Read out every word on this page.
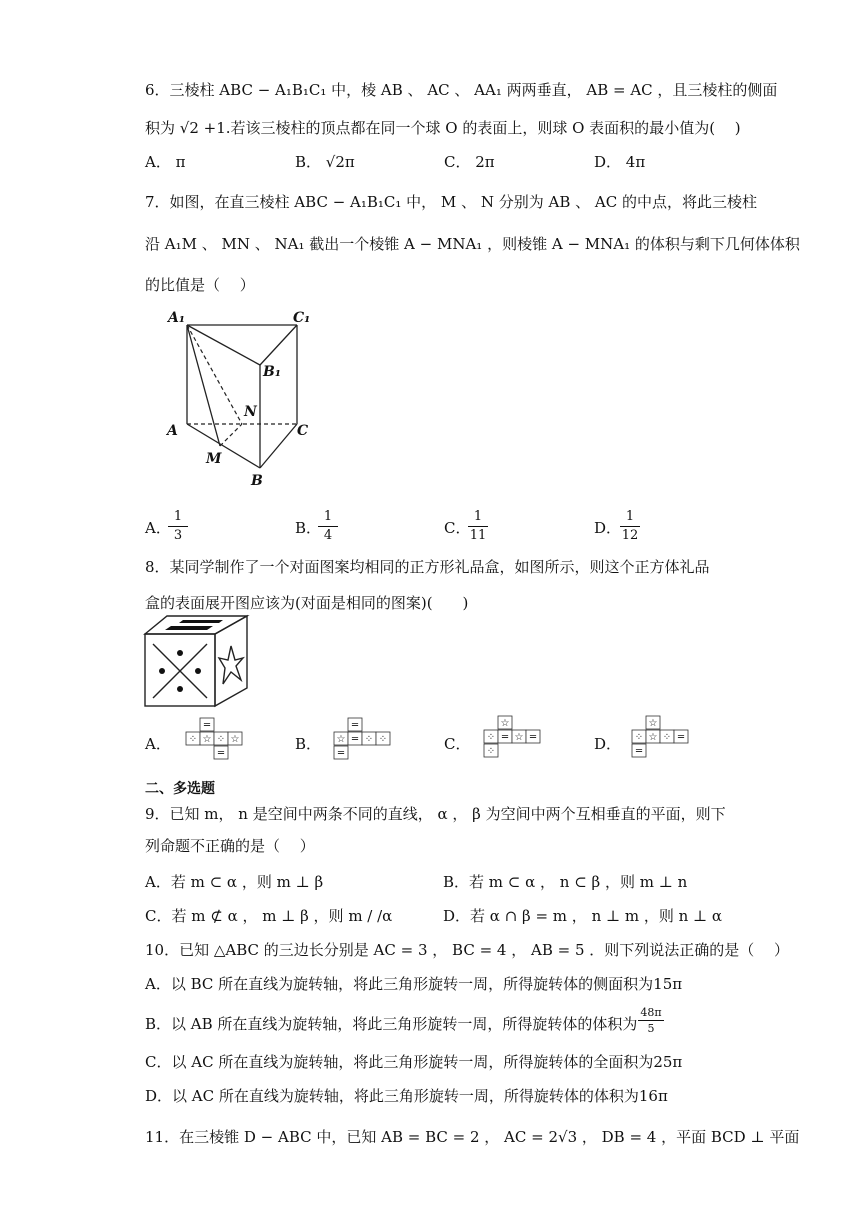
6．三棱柱 ABC − A₁B₁C₁ 中，棱 AB 、 AC 、 AA₁ 两两垂直， AB = AC ，且三棱柱的侧面
积为 √2 +1.若该三棱柱的顶点都在同一个球 O 的表面上，则球 O 表面积的最小值为(　 )
A． π	B． √2π	C． 2π	D． 4π
7．如图，在直三棱柱 ABC − A₁B₁C₁ 中， M 、 N 分别为 AB 、 AC 的中点，将此三棱柱
沿 A₁M 、 MN 、 NA₁ 截出一个棱锥 A − MNA₁ ，则棱锥 A − MNA₁ 的体积与剩下几何体体积
的比值是（　 ）
A₁	C₁
B₁
N
A	C
M
B
A．
1
3	B．
1
4	C．
1
11	D．
1
12
8．某同学制作了一个对面图案均相同的正方形礼品盒，如图所示，则这个正方体礼品
盒的表面展开图应该为(对面是相同的图案)(　　)
A．
═
⁘ ☆ ⁘ ☆
═
B．
═
☆ ═ ⁘ ⁘
═
C．
☆
⁘ ═ ☆ ═
⁘	D．
☆
⁘ ☆ ⁘ ═
═
二、多选题
9．已知 m， n 是空间中两条不同的直线， α ， β 为空间中两个互相垂直的平面，则下
列命题不正确的是（　 ）
A．若 m ⊂ α ，则 m ⊥ β	B．若 m ⊂ α ， n ⊂ β ，则 m ⊥ n
C．若 m ⊄ α ， m ⊥ β ，则 m / /α	D．若 α ∩ β = m ， n ⊥ m ，则 n ⊥ α
10．已知 △ABC 的三边长分别是 AC = 3 ， BC = 4 ， AB = 5 ．则下列说法正确的是（　 ）
A．以 BC 所在直线为旋转轴，将此三角形旋转一周，所得旋转体的侧面积为15π
B．以 AB 所在直线为旋转轴，将此三角形旋转一周，所得旋转体的体积为
48π
5
C．以 AC 所在直线为旋转轴，将此三角形旋转一周，所得旋转体的全面积为25π
D．以 AC 所在直线为旋转轴，将此三角形旋转一周，所得旋转体的体积为16π
11．在三棱锥 D − ABC 中，已知 AB = BC = 2 ， AC = 2√3 ， DB = 4 ，平面 BCD ⊥ 平面
